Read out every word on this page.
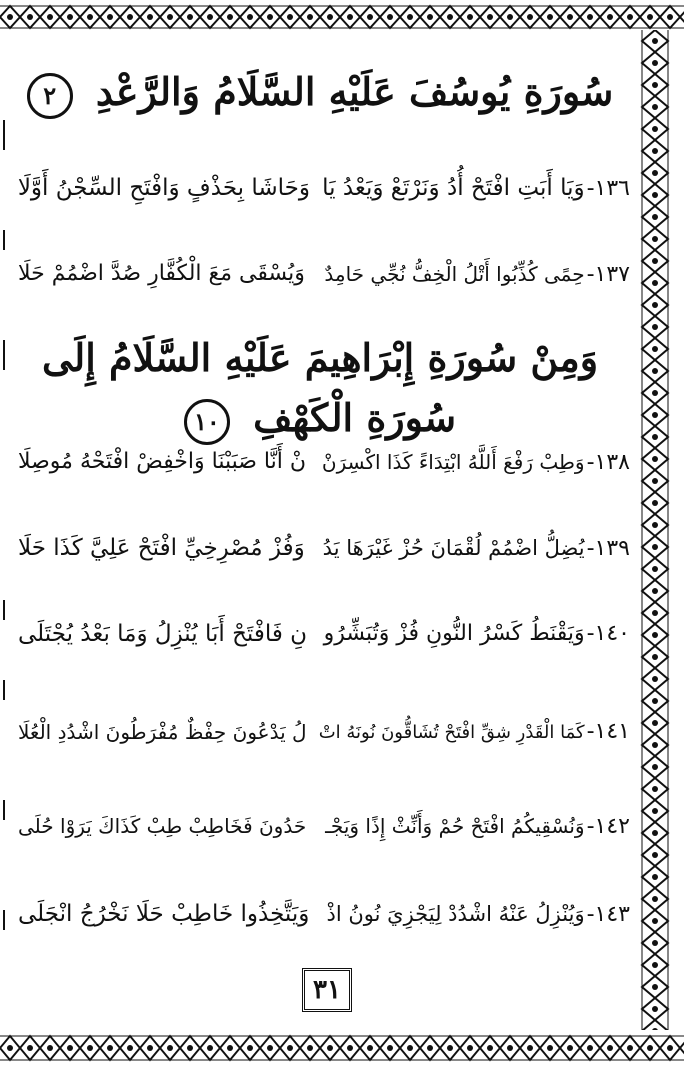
سُورَةِ يُوسُفَ عَلَيْهِ السَّلَامُ وَالرَّعْدِ ٢
١٣٦-وَيَا أَبَتِ افْتَحْ أُدُ وَنَرْتَعْ وَيَعْدُ يَا
وَحَاشَا بِحَذْفٍ وَافْتَحِ السِّجْنُ أَوَّلَا
١٣٧-حِمًى كُذِّبُوا أَتْلُ الْخِفُّ نُجِّي حَامِدٌ
وَيُسْقَى مَعَ الْكُفَّارِ صُدَّ اضْمُمْ حَلَا
وَمِنْ سُورَةِ إِبْرَاهِيمَ عَلَيْهِ السَّلَامُ إِلَى سُورَةِ الْكَهْفِ ١٠
١٣٨-وَطِبْ رَفْعَ أَللَّهُ ابْتِدَاءً كَذَا اكْسِرَنْ
نْ أَنَّا صَبَبْنَا وَاخْفِضْ افْتَحْهُ مُوصِلَا
١٣٩-يُضِلُّ اضْمُمْ لُقْمَانَ حُزْ غَيْرَهَا يَدُ
وَفُزْ مُصْرِخِيِّ افْتَحْ عَلِيَّ كَذَا حَلَا
١٤٠-وَيَقْنَطُ كَسْرُ النُّونِ فُزْ وَتُبَشِّرُو
نِ فَافْتَحْ أَبَا يُنْزِلُ وَمَا بَعْدُ يُجْتَلَى
١٤١-كَمَا الْقَدْرِ شِقِّ افْتَحْ تُشَاقُّونَ نُونَهُ اتْ
لُ يَدْعُونَ حِفْظٌ مُفْرَطُونَ اشْدُدِ الْعُلَا
١٤٢-وَنُسْقِيكُمُ افْتَحْ حُمْ وَأَنِّثْ إِذًا وَيَجْـ
حَدُونَ فَخَاطِبْ طِبْ كَذَاكَ يَرَوْا حُلَى
١٤٣-وَيُنْزِلُ عَنْهُ اشْدُدْ لِيَجْزِيَ نُونُ اذْ
وَيَتَّخِذُوا خَاطِبْ حَلَا نَخْرُجُ انْجَلَى
٣١
